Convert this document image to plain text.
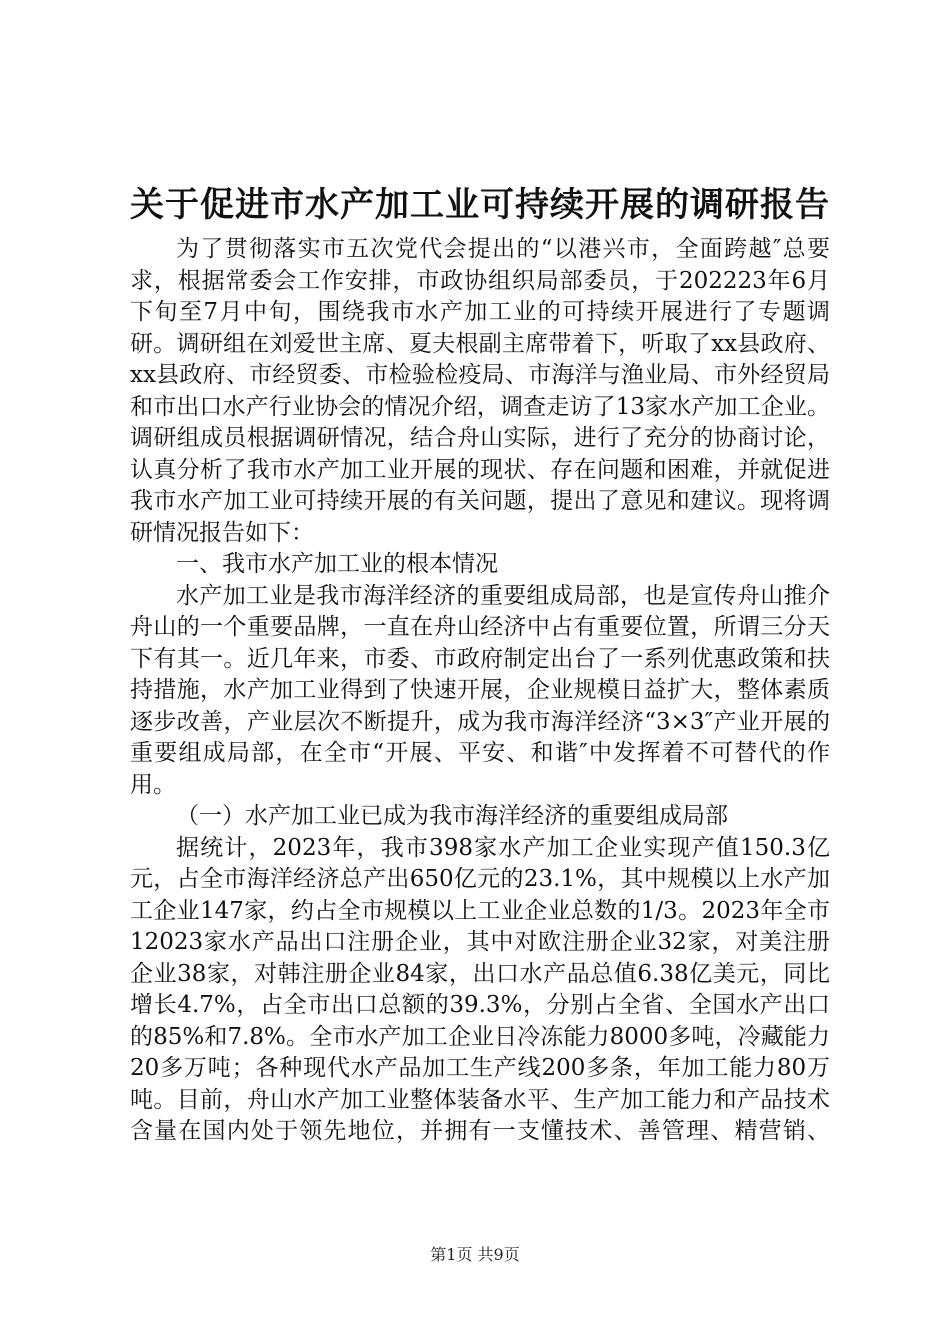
关于促进市水产加工业可持续开展的调研报告

为了贯彻落实市五次党代会提出的“以港兴市，全面跨越″总要求，根据常委会工作安排，市政协组织局部委员，于202223年6月下旬至7月中旬，围绕我市水产加工业的可持续开展进行了专题调研。调研组在刘爱世主席、夏夫根副主席带着下，听取了xx县政府、xx县政府、市经贸委、市检验检疫局、市海洋与渔业局、市外经贸局和市出口水产行业协会的情况介绍，调查走访了13家水产加工企业。调研组成员根据调研情况，结合舟山实际，进行了充分的协商讨论，认真分析了我市水产加工业开展的现状、存在问题和困难，并就促进我市水产加工业可持续开展的有关问题，提出了意见和建议。现将调研情况报告如下：

一、我市水产加工业的根本情况

水产加工业是我市海洋经济的重要组成局部，也是宣传舟山推介舟山的一个重要品牌，一直在舟山经济中占有重要位置，所谓三分天下有其一。近几年来，市委、市政府制定出台了一系列优惠政策和扶持措施，水产加工业得到了快速开展，企业规模日益扩大，整体素质逐步改善，产业层次不断提升，成为我市海洋经济“3×3″产业开展的重要组成局部，在全市“开展、平安、和谐″中发挥着不可替代的作用。

（一）水产加工业已成为我市海洋经济的重要组成局部

据统计，2023年，我市398家水产加工企业实现产值150.3亿元，占全市海洋经济总产出650亿元的23.1%，其中规模以上水产加工企业147家，约占全市规模以上工业企业总数的1/3。2023年全市12023家水产品出口注册企业，其中对欧注册企业32家，对美注册企业38家，对韩注册企业84家，出口水产品总值6.38亿美元，同比增长4.7%，占全市出口总额的39.3%，分别占全省、全国水产出口的85%和7.8%。全市水产加工企业日冷冻能力8000多吨，冷藏能力20多万吨；各种现代水产品加工生产线200多条，年加工能力80万吨。目前，舟山水产加工业整体装备水平、生产加工能力和产品技术含量在国内处于领先地位，并拥有一支懂技术、善管理、精营销、

第1页 共9页
